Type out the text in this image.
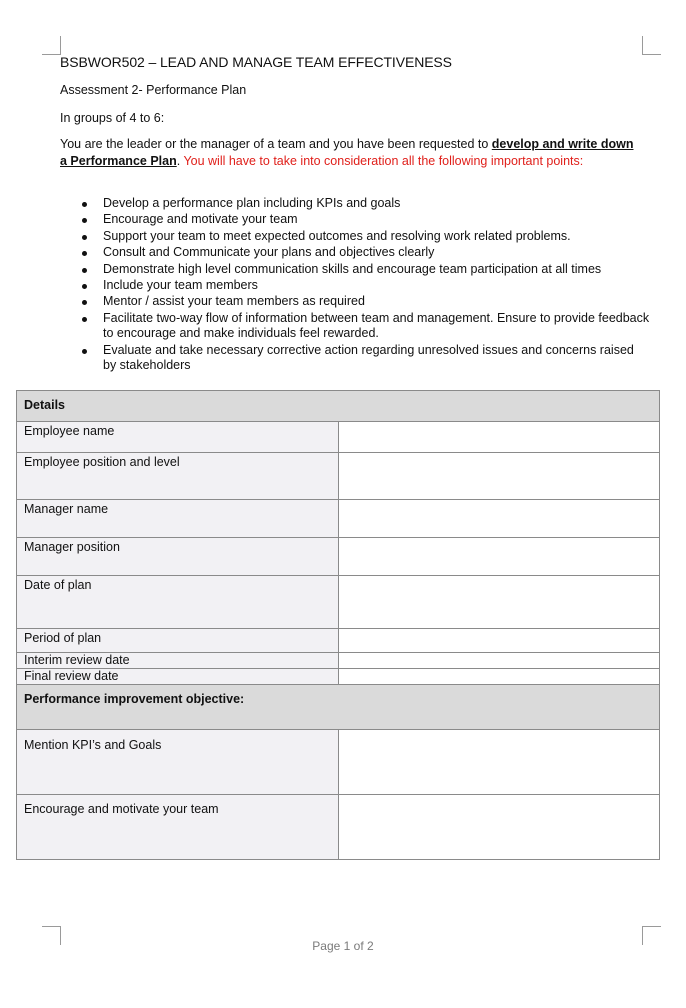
BSBWOR502 – LEAD AND MANAGE TEAM EFFECTIVENESS
Assessment 2- Performance Plan
In groups of 4 to 6:
You are the leader or the manager of a team and you have been requested to develop and write down a Performance Plan. You will have to take into consideration all the following important points:
Develop a performance plan including KPIs and goals
Encourage and motivate your team
Support your team to meet expected outcomes and resolving work related problems.
Consult and Communicate your plans and objectives clearly
Demonstrate high level communication skills and encourage team participation at all times
Include your team members
Mentor / assist your team members as required
Facilitate two-way flow of information between team and management. Ensure to provide feedback to encourage and make individuals feel rewarded.
Evaluate and take necessary corrective action regarding unresolved issues and concerns raised by stakeholders
Details	
Employee name	
Employee position and level	
Manager name	
Manager position	
Date of plan	
Period of plan	
Interim review date	
Final review date	
Performance improvement objective:	
Mention KPI’s and Goals	
Encourage and motivate your team	
Page 1 of 2
